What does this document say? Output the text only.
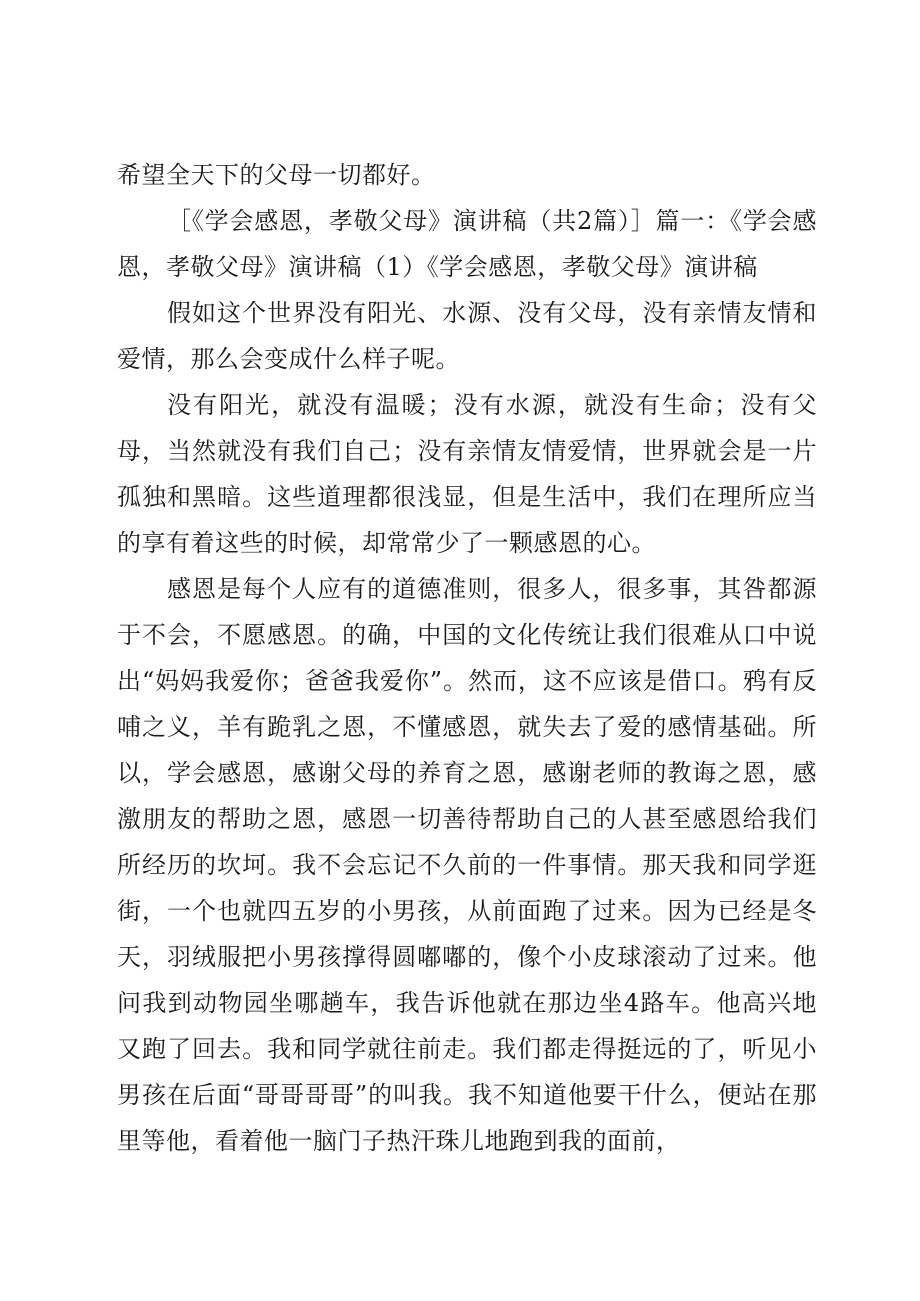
希望全天下的父母一切都好。

［《学会感恩，孝敬父母》演讲稿（共2篇）］篇一：《学会感恩，孝敬父母》演讲稿（1）《学会感恩，孝敬父母》演讲稿

假如这个世界没有阳光、水源、没有父母，没有亲情友情和爱情，那么会变成什么样子呢。

没有阳光，就没有温暖；没有水源，就没有生命；没有父母，当然就没有我们自己；没有亲情友情爱情，世界就会是一片孤独和黑暗。这些道理都很浅显，但是生活中，我们在理所应当的享有着这些的时候，却常常少了一颗感恩的心。

感恩是每个人应有的道德准则，很多人，很多事，其咎都源于不会，不愿感恩。的确，中国的文化传统让我们很难从口中说出“妈妈我爱你；爸爸我爱你”。然而，这不应该是借口。鸦有反哺之义，羊有跪乳之恩，不懂感恩，就失去了爱的感情基础。所以，学会感恩，感谢父母的养育之恩，感谢老师的教诲之恩，感激朋友的帮助之恩，感恩一切善待帮助自己的人甚至感恩给我们所经历的坎坷。我不会忘记不久前的一件事情。那天我和同学逛街，一个也就四五岁的小男孩，从前面跑了过来。因为已经是冬天，羽绒服把小男孩撑得圆嘟嘟的，像个小皮球滚动了过来。他问我到动物园坐哪趟车，我告诉他就在那边坐4路车。他高兴地又跑了回去。我和同学就往前走。我们都走得挺远的了，听见小男孩在后面“哥哥哥哥”的叫我。我不知道他要干什么，便站在那里等他，看着他一脑门子热汗珠儿地跑到我的面前，
